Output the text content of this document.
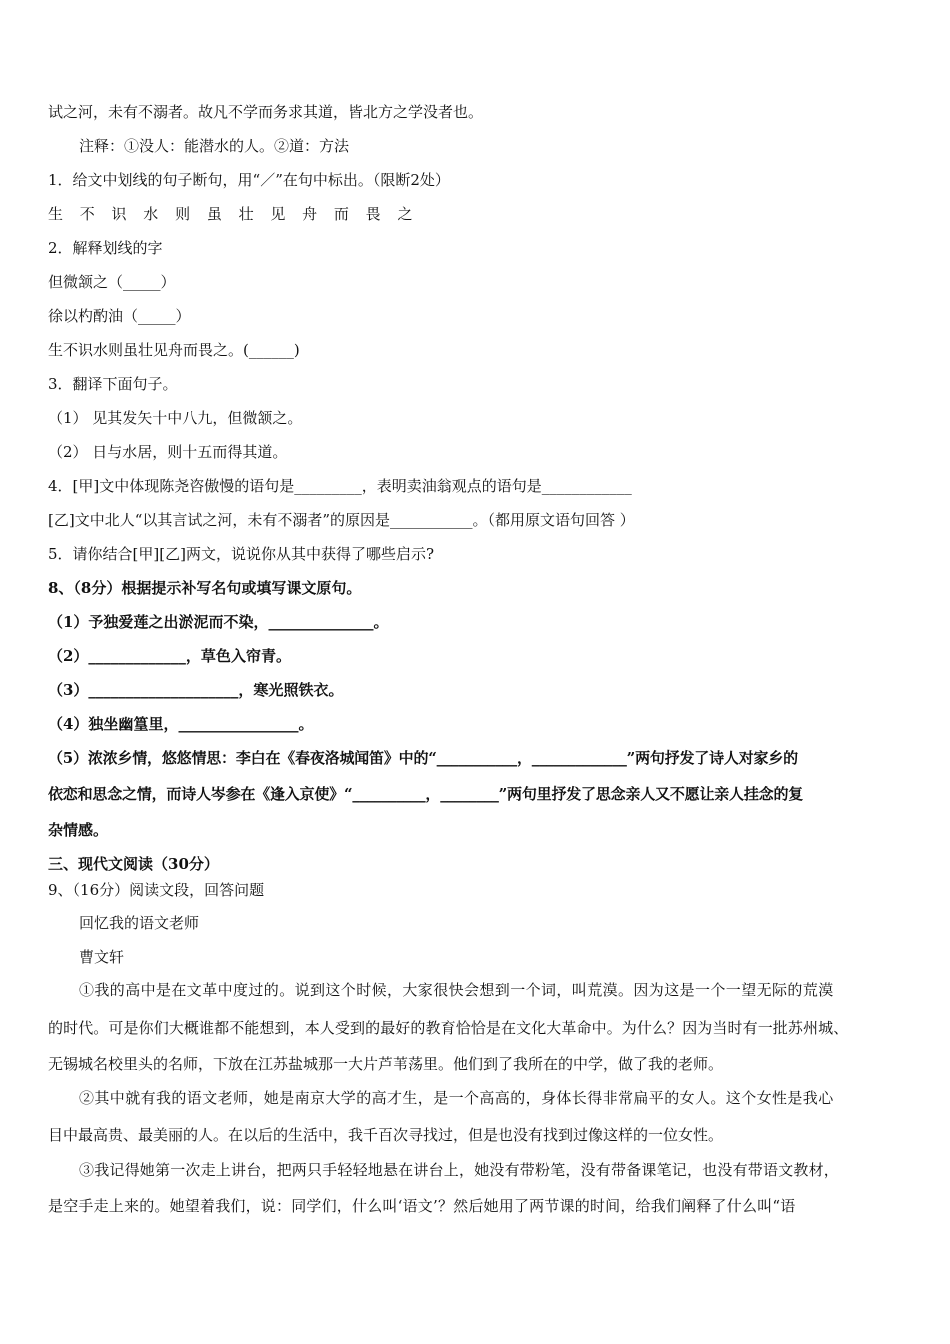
试之河，未有不溺者。故凡不学而务求其道，皆北方之学没者也。
注释：①没人：能潜水的人。②道：方法
1．给文中划线的句子断句，用“／”在句中标出。（限断2处）
生 不 识 水 则 虽 壮 见 舟 而 畏 之
2．解释划线的字
但微颔之（_____）
徐以杓酌油（_____）
生不识水则虽壮见舟而畏之。(______)
3．翻译下面句子。
（1） 见其发矢十中八九，但微颔之。
（2） 日与水居，则十五而得其道。
4．[甲]文中体现陈尧咨傲慢的语句是_________，表明卖油翁观点的语句是____________
[乙]文中北人“以其言试之河，未有不溺者”的原因是___________。（都用原文语句回答 ）
5．请你结合[甲][乙]两文，说说你从其中获得了哪些启示?
8、（8分）根据提示补写名句或填写课文原句。
（1）予独爱莲之出淤泥而不染，______________。
（2）_____________，草色入帘青。
（3）____________________，寒光照铁衣。
（4）独坐幽篁里，________________。
（5）浓浓乡情，悠悠情思：李白在《春夜洛城闻笛》中的“___________，_____________”两句抒发了诗人对家乡的
依恋和思念之情，而诗人岑参在《逢入京使》“__________，________”两句里抒发了思念亲人又不愿让亲人挂念的复
杂情感。
三、现代文阅读（30分）
9、（16分）阅读文段，回答问题
回忆我的语文老师
曹文轩
①我的高中是在文革中度过的。说到这个时候，大家很快会想到一个词，叫荒漠。因为这是一个一望无际的荒漠
的时代。可是你们大概谁都不能想到，本人受到的最好的教育恰恰是在文化大革命中。为什么？因为当时有一批苏州城、
无锡城名校里头的名师，下放在江苏盐城那一大片芦苇荡里。他们到了我所在的中学，做了我的老师。
②其中就有我的语文老师，她是南京大学的高才生，是一个高高的，身体长得非常扁平的女人。这个女性是我心
目中最高贵、最美丽的人。在以后的生活中，我千百次寻找过，但是也没有找到过像这样的一位女性。
③我记得她第一次走上讲台，把两只手轻轻地悬在讲台上，她没有带粉笔，没有带备课笔记，也没有带语文教材，
是空手走上来的。她望着我们，说：同学们，什么叫‘语文’？然后她用了两节课的时间，给我们阐释了什么叫“语
